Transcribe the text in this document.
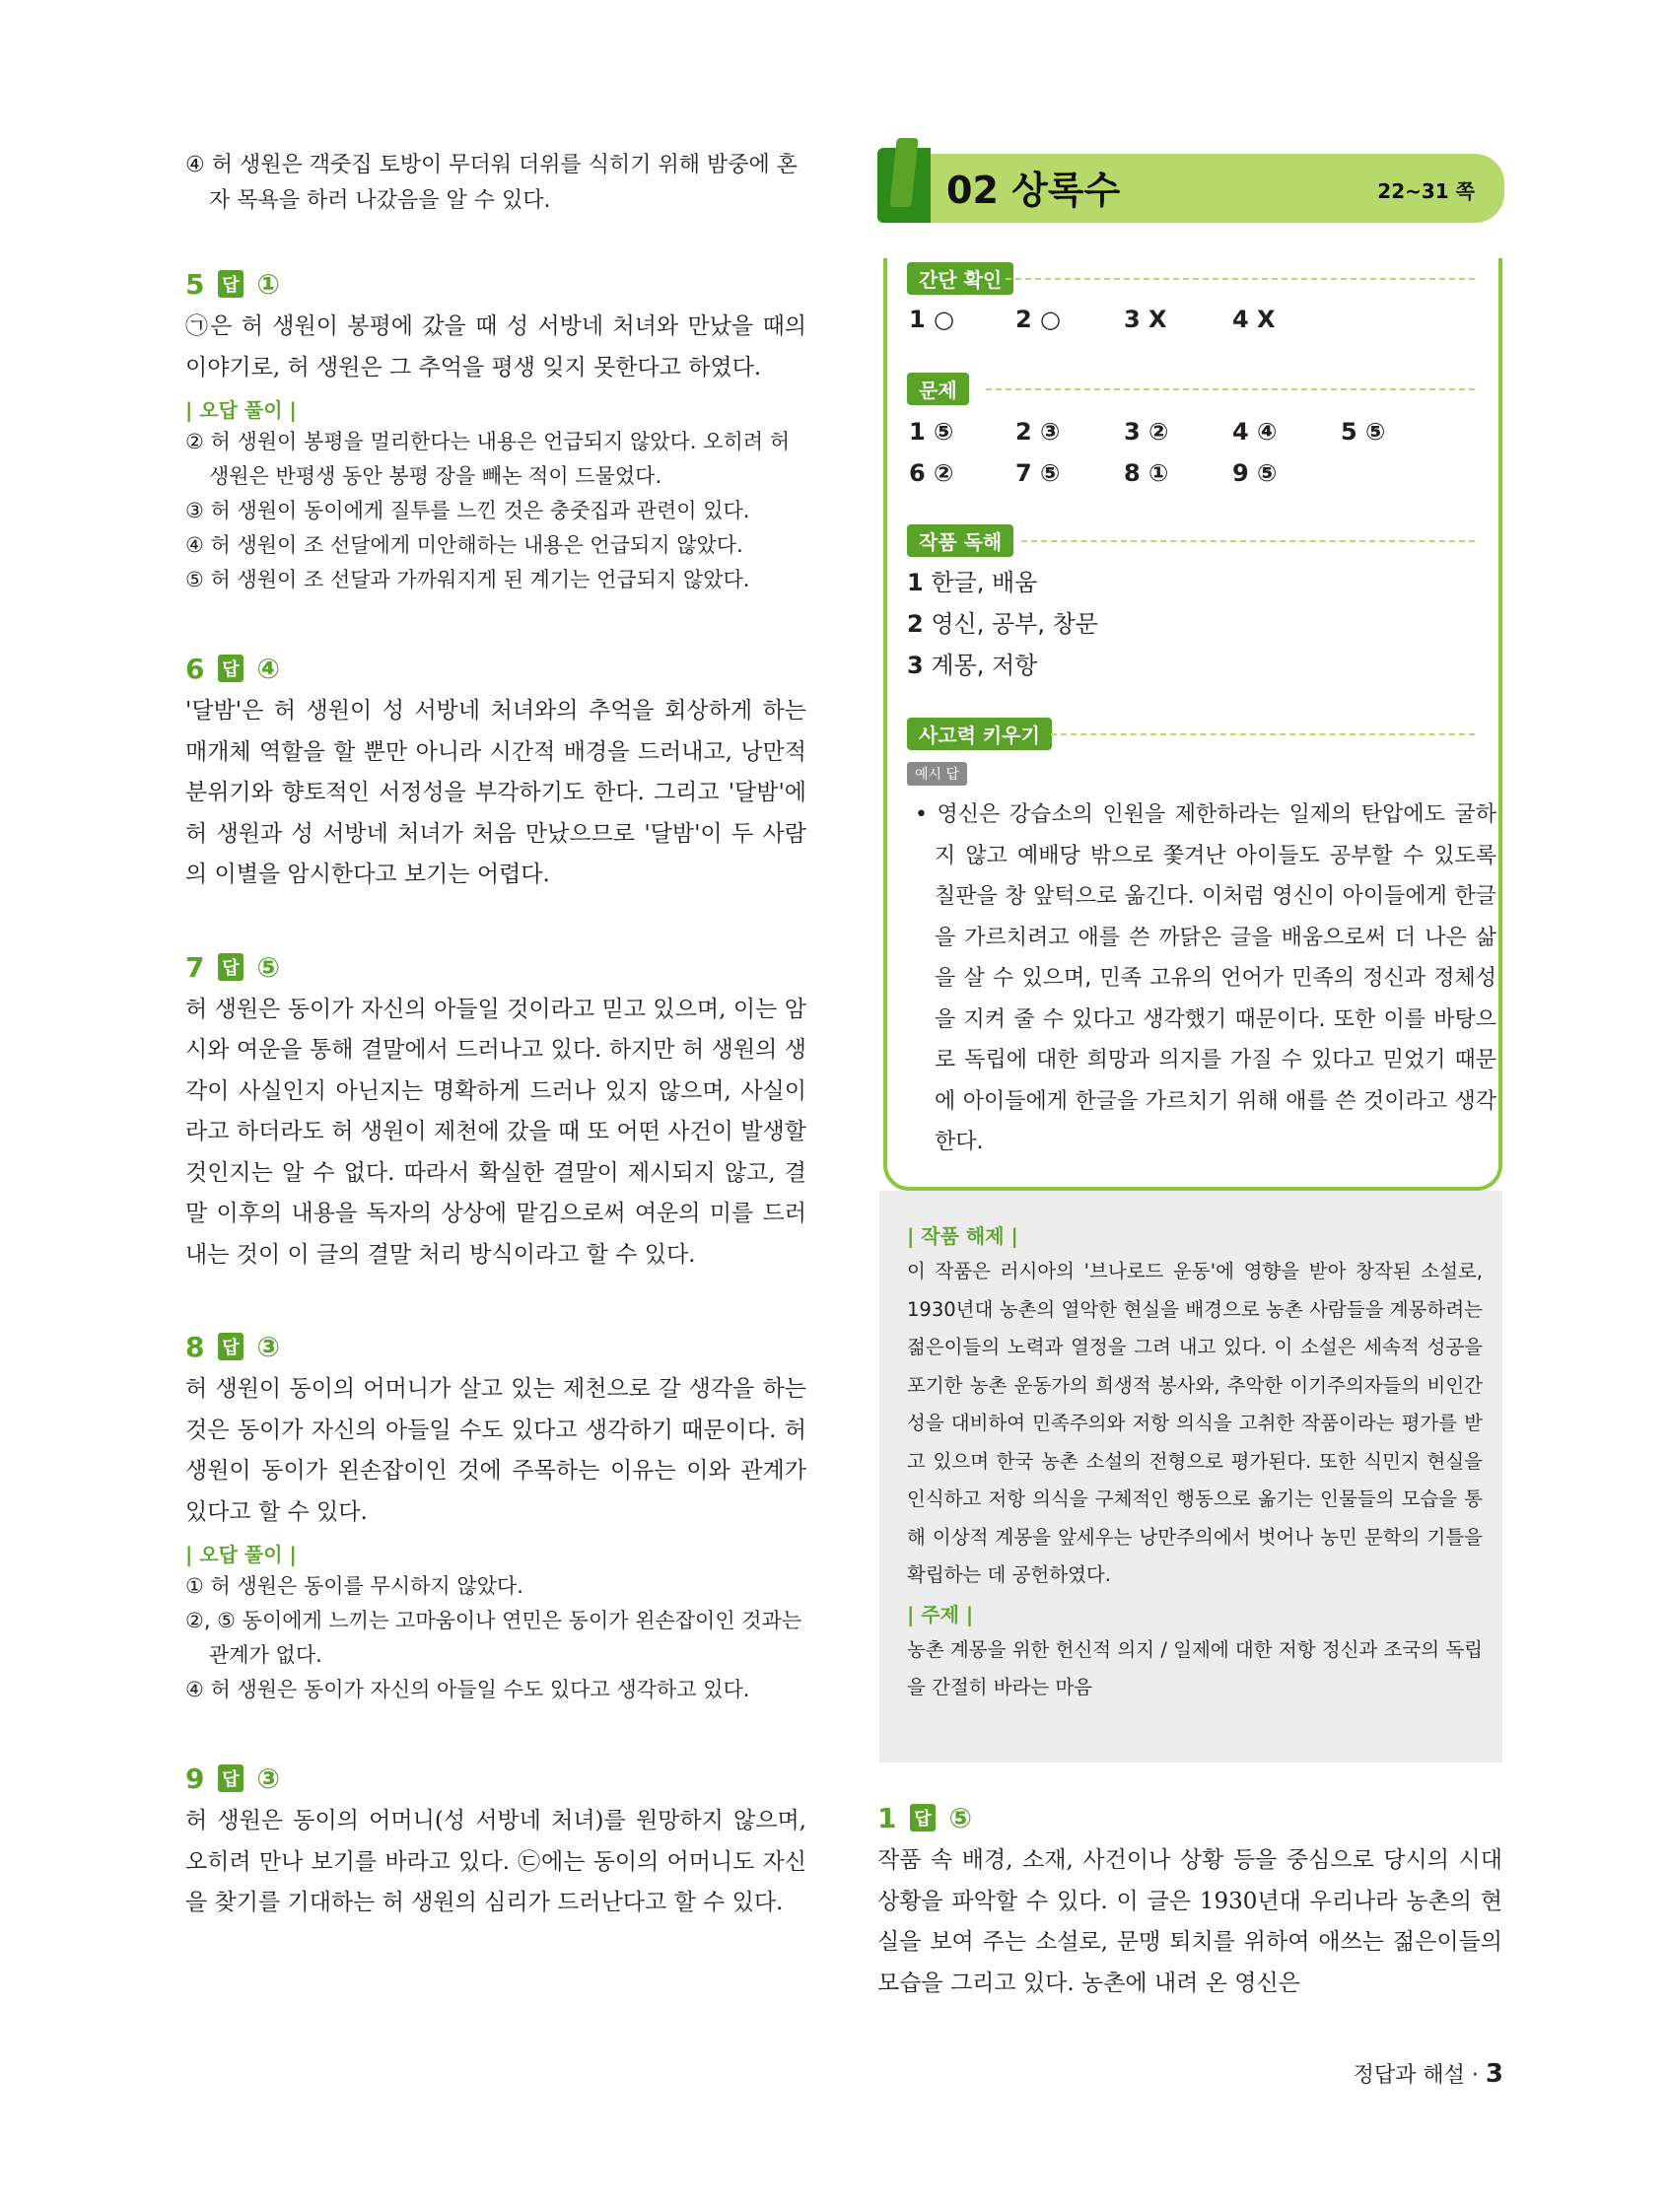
④ 허 생원은 객줏집 토방이 무더워 더위를 식히기 위해 밤중에 혼자 목욕을 하러 나갔음을 알 수 있다.

5 답 ①

㉠은 허 생원이 봉평에 갔을 때 성 서방네 처녀와 만났을 때의 이야기로, 허 생원은 그 추억을 평생 잊지 못한다고 하였다.

| 오답 풀이 |

② 허 생원이 봉평을 멀리한다는 내용은 언급되지 않았다. 오히려 허 생원은 반평생 동안 봉평 장을 빼논 적이 드물었다.

③ 허 생원이 동이에게 질투를 느낀 것은 충줏집과 관련이 있다.

④ 허 생원이 조 선달에게 미안해하는 내용은 언급되지 않았다.

⑤ 허 생원이 조 선달과 가까워지게 된 계기는 언급되지 않았다.

6 답 ④

'달밤'은 허 생원이 성 서방네 처녀와의 추억을 회상하게 하는 매개체 역할을 할 뿐만 아니라 시간적 배경을 드러내고, 낭만적 분위기와 향토적인 서정성을 부각하기도 한다. 그리고 '달밤'에 허 생원과 성 서방네 처녀가 처음 만났으므로 '달밤'이 두 사람의 이별을 암시한다고 보기는 어렵다.

7 답 ⑤

허 생원은 동이가 자신의 아들일 것이라고 믿고 있으며, 이는 암시와 여운을 통해 결말에서 드러나고 있다. 하지만 허 생원의 생각이 사실인지 아닌지는 명확하게 드러나 있지 않으며, 사실이라고 하더라도 허 생원이 제천에 갔을 때 또 어떤 사건이 발생할 것인지는 알 수 없다. 따라서 확실한 결말이 제시되지 않고, 결말 이후의 내용을 독자의 상상에 맡김으로써 여운의 미를 드러내는 것이 이 글의 결말 처리 방식이라고 할 수 있다.

8 답 ③

허 생원이 동이의 어머니가 살고 있는 제천으로 갈 생각을 하는 것은 동이가 자신의 아들일 수도 있다고 생각하기 때문이다. 허 생원이 동이가 왼손잡이인 것에 주목하는 이유는 이와 관계가 있다고 할 수 있다.

| 오답 풀이 |

① 허 생원은 동이를 무시하지 않았다.

②, ⑤ 동이에게 느끼는 고마움이나 연민은 동이가 왼손잡이인 것과는 관계가 없다.

④ 허 생원은 동이가 자신의 아들일 수도 있다고 생각하고 있다.

9 답 ③

허 생원은 동이의 어머니(성 서방네 처녀)를 원망하지 않으며, 오히려 만나 보기를 바라고 있다. ㉢에는 동이의 어머니도 자신을 찾기를 기대하는 허 생원의 심리가 드러난다고 할 수 있다.

02 상록수	22~31 쪽
간단 확인
1 ○	2 ○	3 X	4 X
문제
1 ⑤	2 ③	3 ②	4 ④	5 ⑤
6 ②	7 ⑤	8 ①	9 ⑤
작품 독해
1 한글, 배움
2 영신, 공부, 창문
3 계몽, 저항
사고력 키우기
예시 답
• 영신은 강습소의 인원을 제한하라는 일제의 탄압에도 굴하지 않고 예배당 밖으로 쫓겨난 아이들도 공부할 수 있도록 칠판을 창 앞턱으로 옮긴다. 이처럼 영신이 아이들에게 한글을 가르치려고 애를 쓴 까닭은 글을 배움으로써 더 나은 삶을 살 수 있으며, 민족 고유의 언어가 민족의 정신과 정체성을 지켜 줄 수 있다고 생각했기 때문이다. 또한 이를 바탕으로 독립에 대한 희망과 의지를 가질 수 있다고 믿었기 때문에 아이들에게 한글을 가르치기 위해 애를 쓴 것이라고 생각한다.
| 작품 해제 |

이 작품은 러시아의 '브나로드 운동'에 영향을 받아 창작된 소설로, 1930년대 농촌의 열악한 현실을 배경으로 농촌 사람들을 계몽하려는 젊은이들의 노력과 열정을 그려 내고 있다. 이 소설은 세속적 성공을 포기한 농촌 운동가의 희생적 봉사와, 추악한 이기주의자들의 비인간성을 대비하여 민족주의와 저항 의식을 고취한 작품이라는 평가를 받고 있으며 한국 농촌 소설의 전형으로 평가된다. 또한 식민지 현실을 인식하고 저항 의식을 구체적인 행동으로 옮기는 인물들의 모습을 통해 이상적 계몽을 앞세우는 낭만주의에서 벗어나 농민 문학의 기틀을 확립하는 데 공헌하였다.

| 주제 |

농촌 계몽을 위한 헌신적 의지 / 일제에 대한 저항 정신과 조국의 독립을 간절히 바라는 마음

1 답 ⑤

작품 속 배경, 소재, 사건이나 상황 등을 중심으로 당시의 시대 상황을 파악할 수 있다. 이 글은 1930년대 우리나라 농촌의 현실을 보여 주는 소설로, 문맹 퇴치를 위하여 애쓰는 젊은이들의 모습을 그리고 있다. 농촌에 내려 온 영신은

정답과 해설 · 3
